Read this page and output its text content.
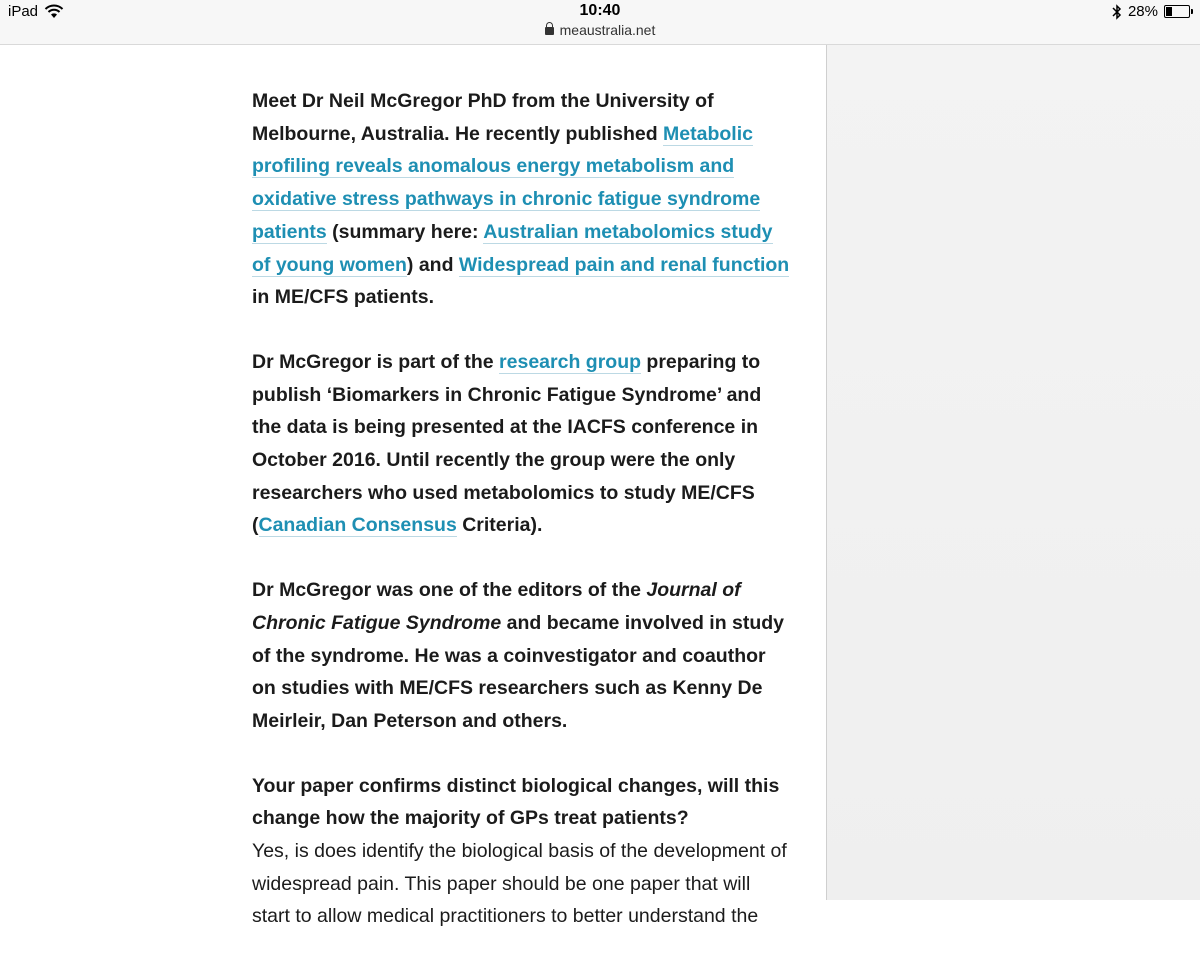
iPad	10:40
meaustralia.net
28%

Meet Dr Neil McGregor PhD from the University of Melbourne, Australia. He recently published Metabolic profiling reveals anomalous energy metabolism and oxidative stress pathways in chronic fatigue syndrome patients (summary here: Australian metabolomics study of young women) and Widespread pain and renal function in ME/CFS patients.

Dr McGregor is part of the research group preparing to publish ‘Biomarkers in Chronic Fatigue Syndrome’ and the data is being presented at the IACFS conference in October 2016. Until recently the group were the only researchers who used metabolomics to study ME/CFS (Canadian Consensus Criteria).

Dr McGregor was one of the editors of the Journal of Chronic Fatigue Syndrome and became involved in study of the syndrome. He was a coinvestigator and coauthor on studies with ME/CFS researchers such as Kenny De Meirleir, Dan Peterson and others.

Your paper confirms distinct biological changes, will this change how the majority of GPs treat patients?
Yes, is does identify the biological basis of the development of widespread pain. This paper should be one paper that will start to allow medical practitioners to better understand the
